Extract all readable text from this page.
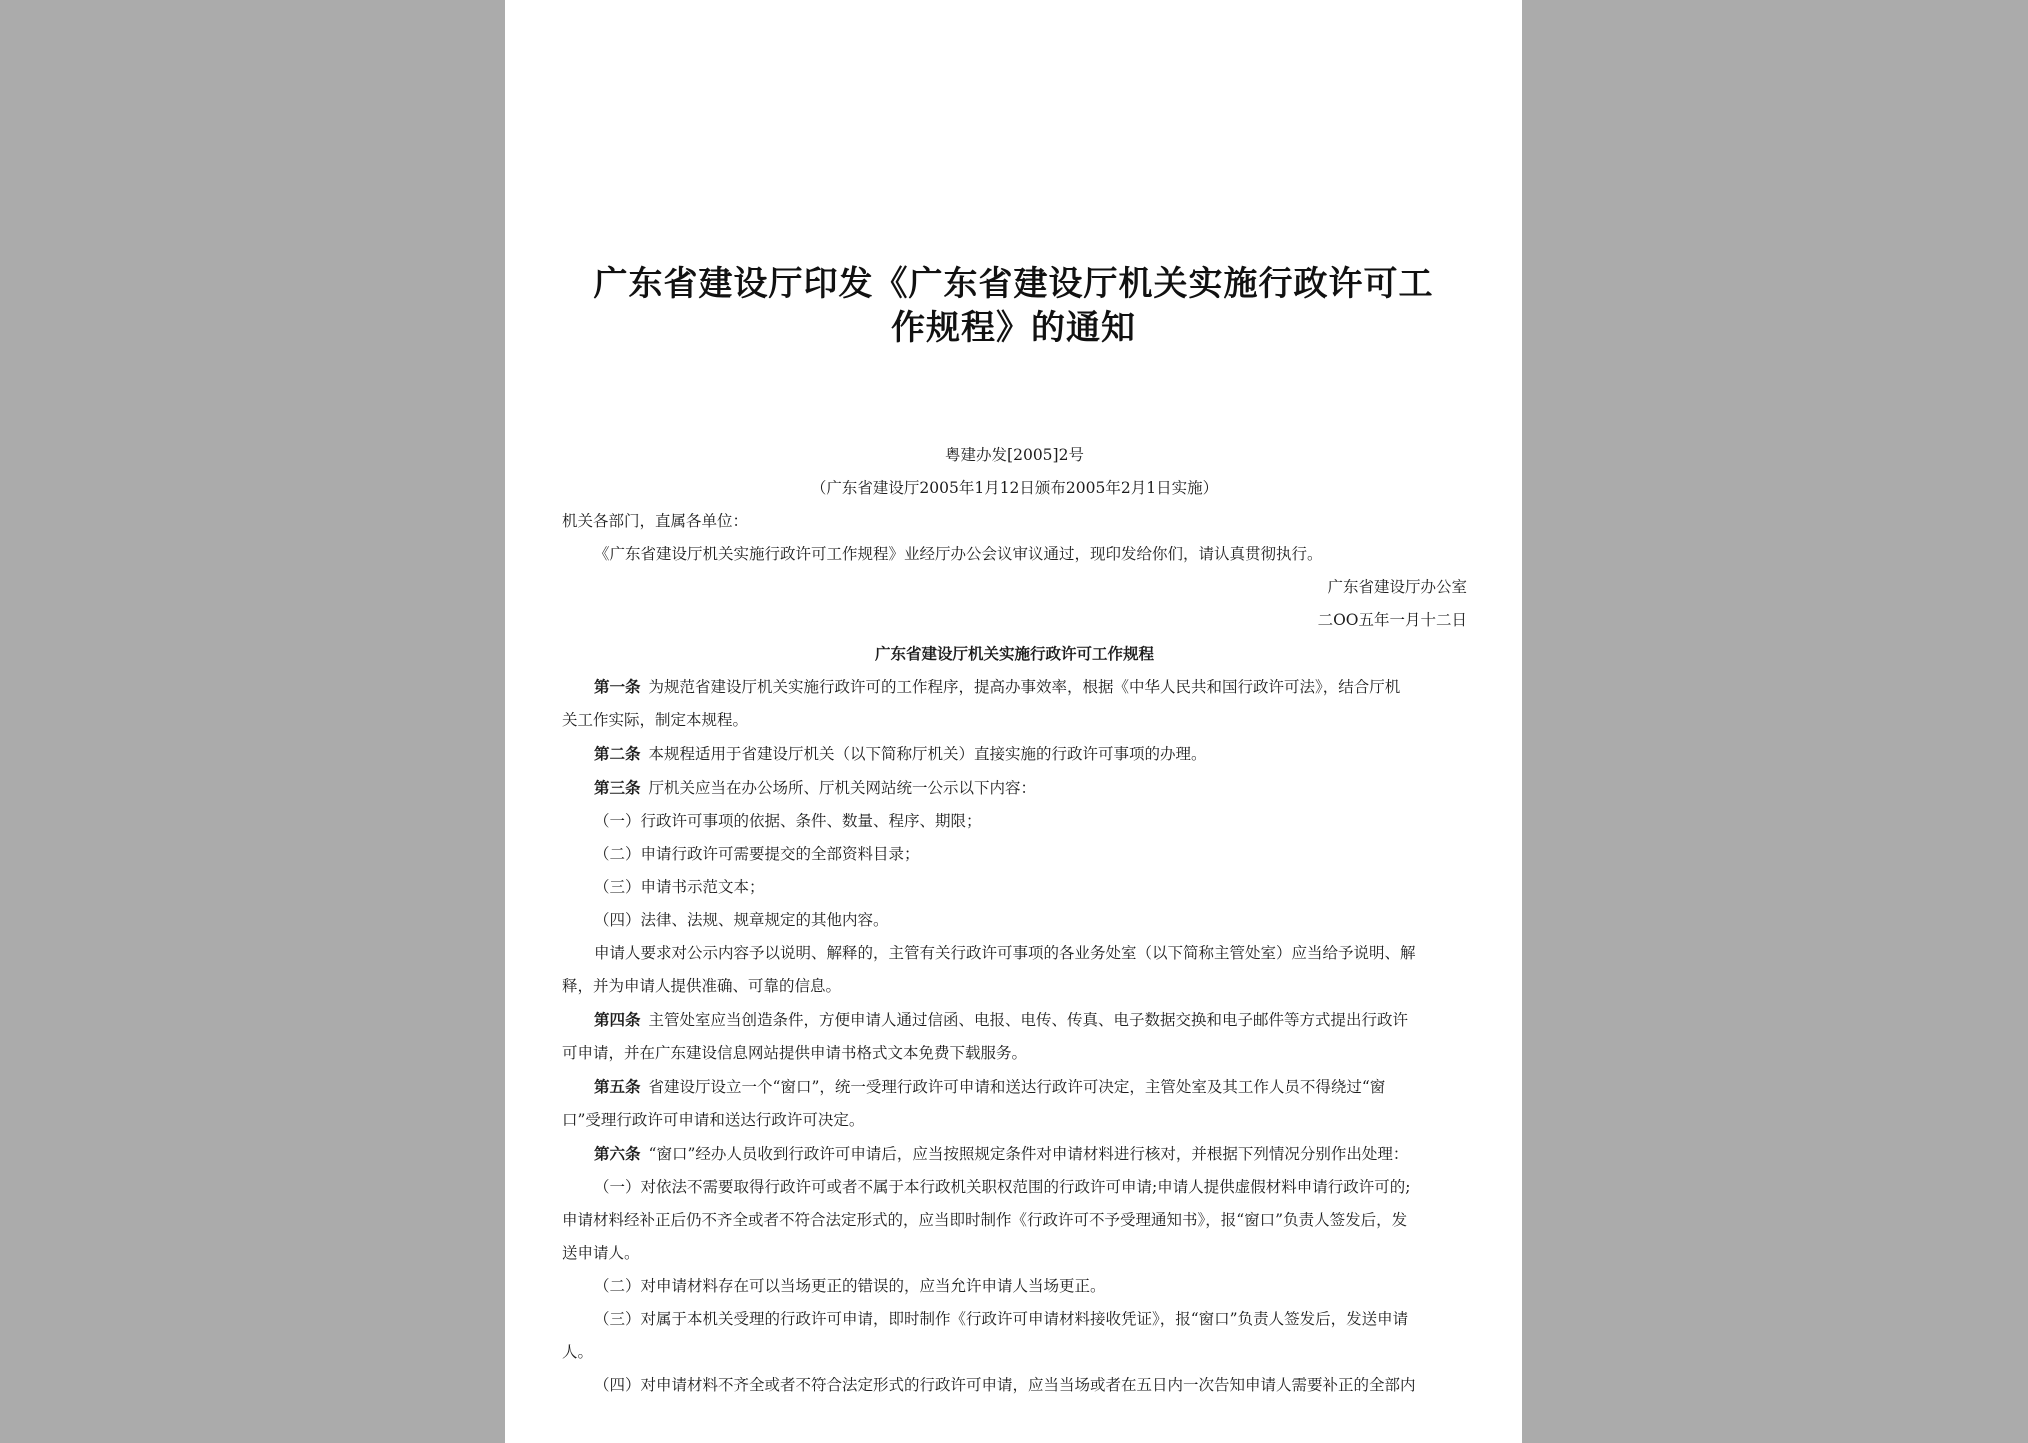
广东省建设厅印发《广东省建设厅机关实施行政许可工
作规程》的通知

粤建办发[2005]2号

（广东省建设厅2005年1月12日颁布2005年2月1日实施）

机关各部门，直属各单位：

《广东省建设厅机关实施行政许可工作规程》业经厅办公会议审议通过，现印发给你们，请认真贯彻执行。

广东省建设厅办公室

二OO五年一月十二日

广东省建设厅机关实施行政许可工作规程

第一条 为规范省建设厅机关实施行政许可的工作程序，提高办事效率，根据《中华人民共和国行政许可法》，结合厅机

关工作实际，制定本规程。

第二条 本规程适用于省建设厅机关（以下简称厅机关）直接实施的行政许可事项的办理。

第三条 厅机关应当在办公场所、厅机关网站统一公示以下内容：

（一）行政许可事项的依据、条件、数量、程序、期限；

（二）申请行政许可需要提交的全部资料目录；

（三）申请书示范文本；

（四）法律、法规、规章规定的其他内容。

申请人要求对公示内容予以说明、解释的，主管有关行政许可事项的各业务处室（以下简称主管处室）应当给予说明、解

释，并为申请人提供准确、可靠的信息。

第四条 主管处室应当创造条件，方便申请人通过信函、电报、电传、传真、电子数据交换和电子邮件等方式提出行政许

可申请，并在广东建设信息网站提供申请书格式文本免费下载服务。

第五条 省建设厅设立一个“窗口”，统一受理行政许可申请和送达行政许可决定，主管处室及其工作人员不得绕过“窗

口”受理行政许可申请和送达行政许可决定。

第六条 “窗口”经办人员收到行政许可申请后，应当按照规定条件对申请材料进行核对，并根据下列情况分别作出处理：

（一）对依法不需要取得行政许可或者不属于本行政机关职权范围的行政许可申请;申请人提供虚假材料申请行政许可的;

申请材料经补正后仍不齐全或者不符合法定形式的，应当即时制作《行政许可不予受理通知书》，报“窗口”负责人签发后，发

送申请人。

（二）对申请材料存在可以当场更正的错误的，应当允许申请人当场更正。

（三）对属于本机关受理的行政许可申请，即时制作《行政许可申请材料接收凭证》，报“窗口”负责人签发后，发送申请

人。

（四）对申请材料不齐全或者不符合法定形式的行政许可申请，应当当场或者在五日内一次告知申请人需要补正的全部内
